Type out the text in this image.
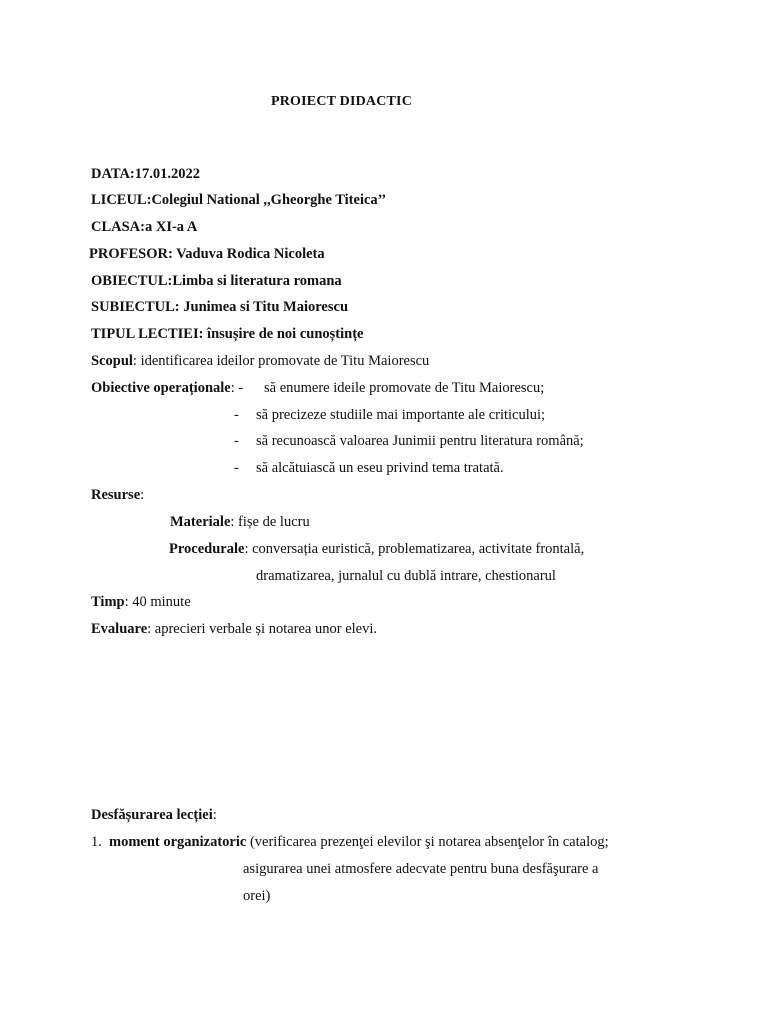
PROIECT DIDACTIC
DATA:17.01.2022
LICEUL:Colegiul National ,,Gheorghe Titeica’’
CLASA:a XI-a A
PROFESOR: Vaduva Rodica Nicoleta
OBIECTUL:Limba si literatura romana
SUBIECTUL: Junimea si Titu Maiorescu
TIPUL LECTIEI: însușire de noi cunoștințe
Scopul: identificarea ideilor promovate de Titu Maiorescu
Obiective operaționale: - să enumere ideile promovate de Titu Maiorescu;
- să precizeze studiile mai importante ale criticului;
- să recunoască valoarea Junimii pentru literatura română;
- să alcătuiască un eseu privind tema tratată.
Resurse:
Materiale: fișe de lucru
Procedurale: conversația euristică, problematizarea, activitate frontală,
dramatizarea, jurnalul cu dublă intrare, chestionarul
Timp: 40 minute
Evaluare: aprecieri verbale și notarea unor elevi.
Desfășurarea lecției:
1. moment organizatoric (verificarea prezenţei elevilor şi notarea absenţelor în catalog;
asigurarea unei atmosfere adecvate pentru buna desfăşurare a
orei)
